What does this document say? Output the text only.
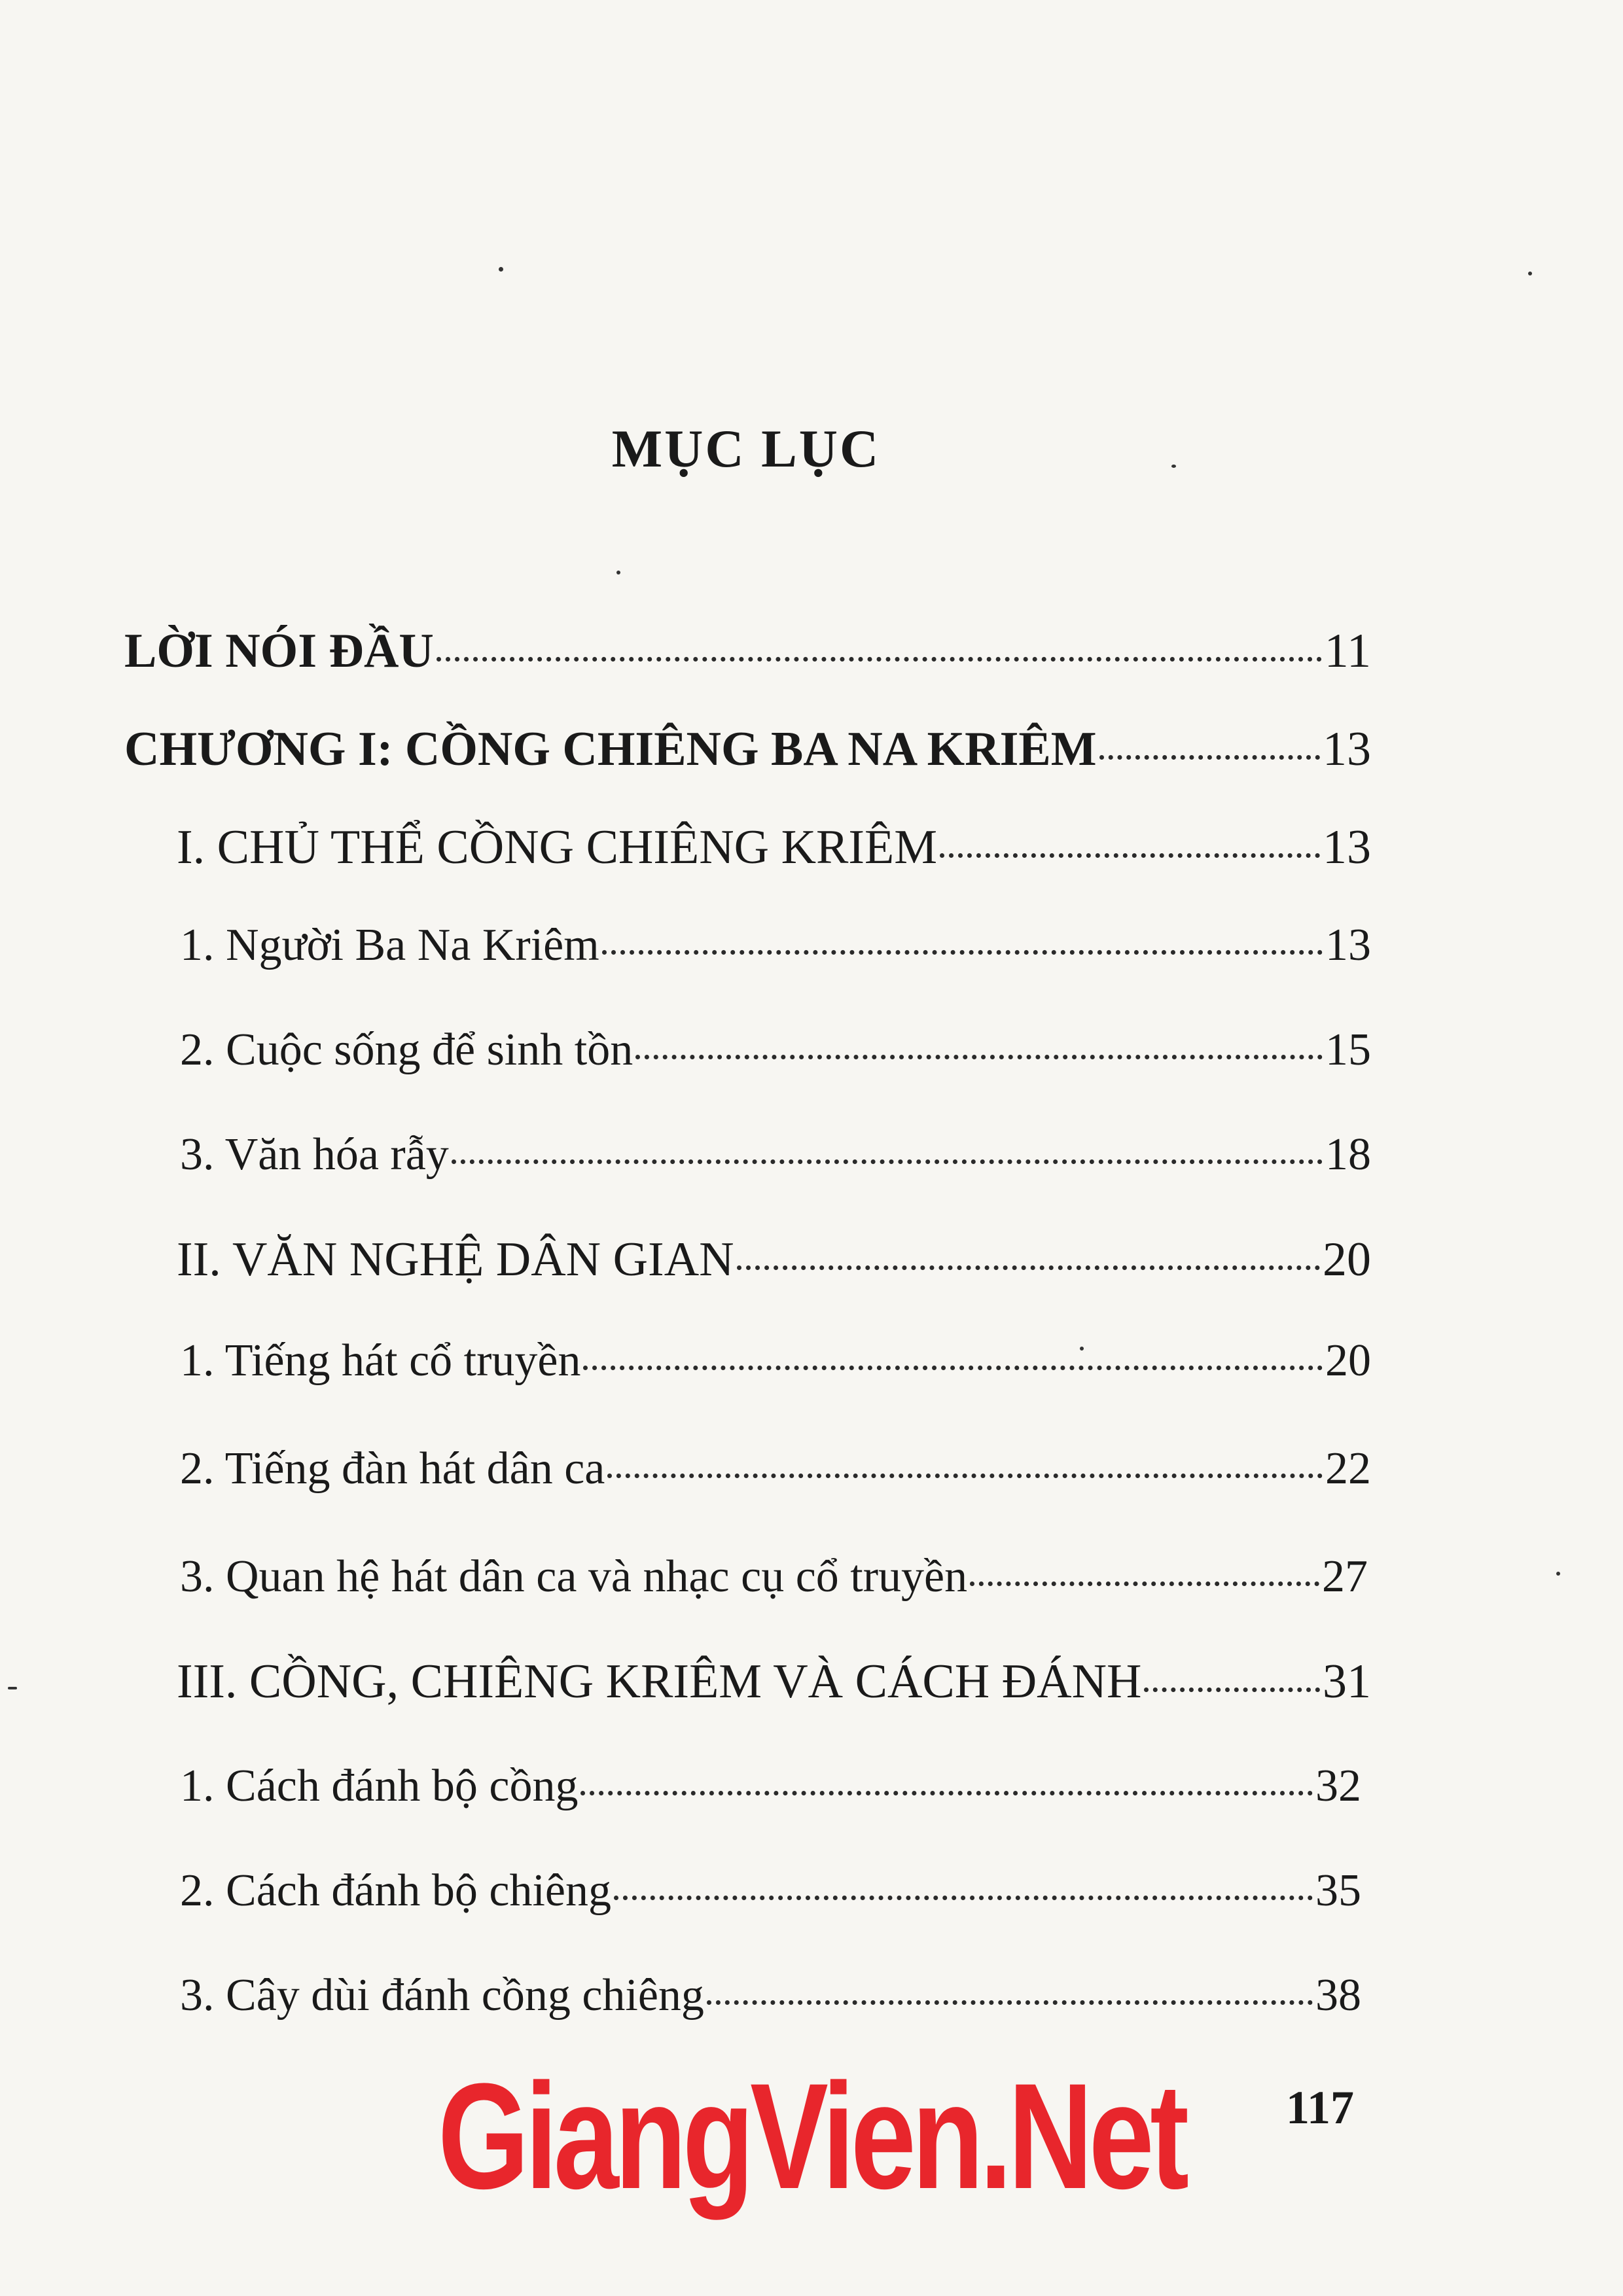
MỤC LỤC
LỜI NÓI ĐẦU	11
CHƯƠNG I: CỒNG CHIÊNG BA NA KRIÊM	13
I. CHỦ THỂ CỒNG CHIÊNG KRIÊM	13
1. Người Ba Na Kriêm	13
2. Cuộc sống để sinh tồn	15
3. Văn hóa rẫy	18
II. VĂN NGHỆ DÂN GIAN	20
1. Tiếng hát cổ truyền	20
2. Tiếng đàn hát dân ca	22
3. Quan hệ hát dân ca và nhạc cụ cổ truyền	27
III. CỒNG, CHIÊNG KRIÊM VÀ CÁCH ĐÁNH	31
1. Cách đánh bộ cồng	32
2. Cách đánh bộ chiêng	35
3. Cây dùi đánh cồng chiêng	38
GiangVien.Net 117
